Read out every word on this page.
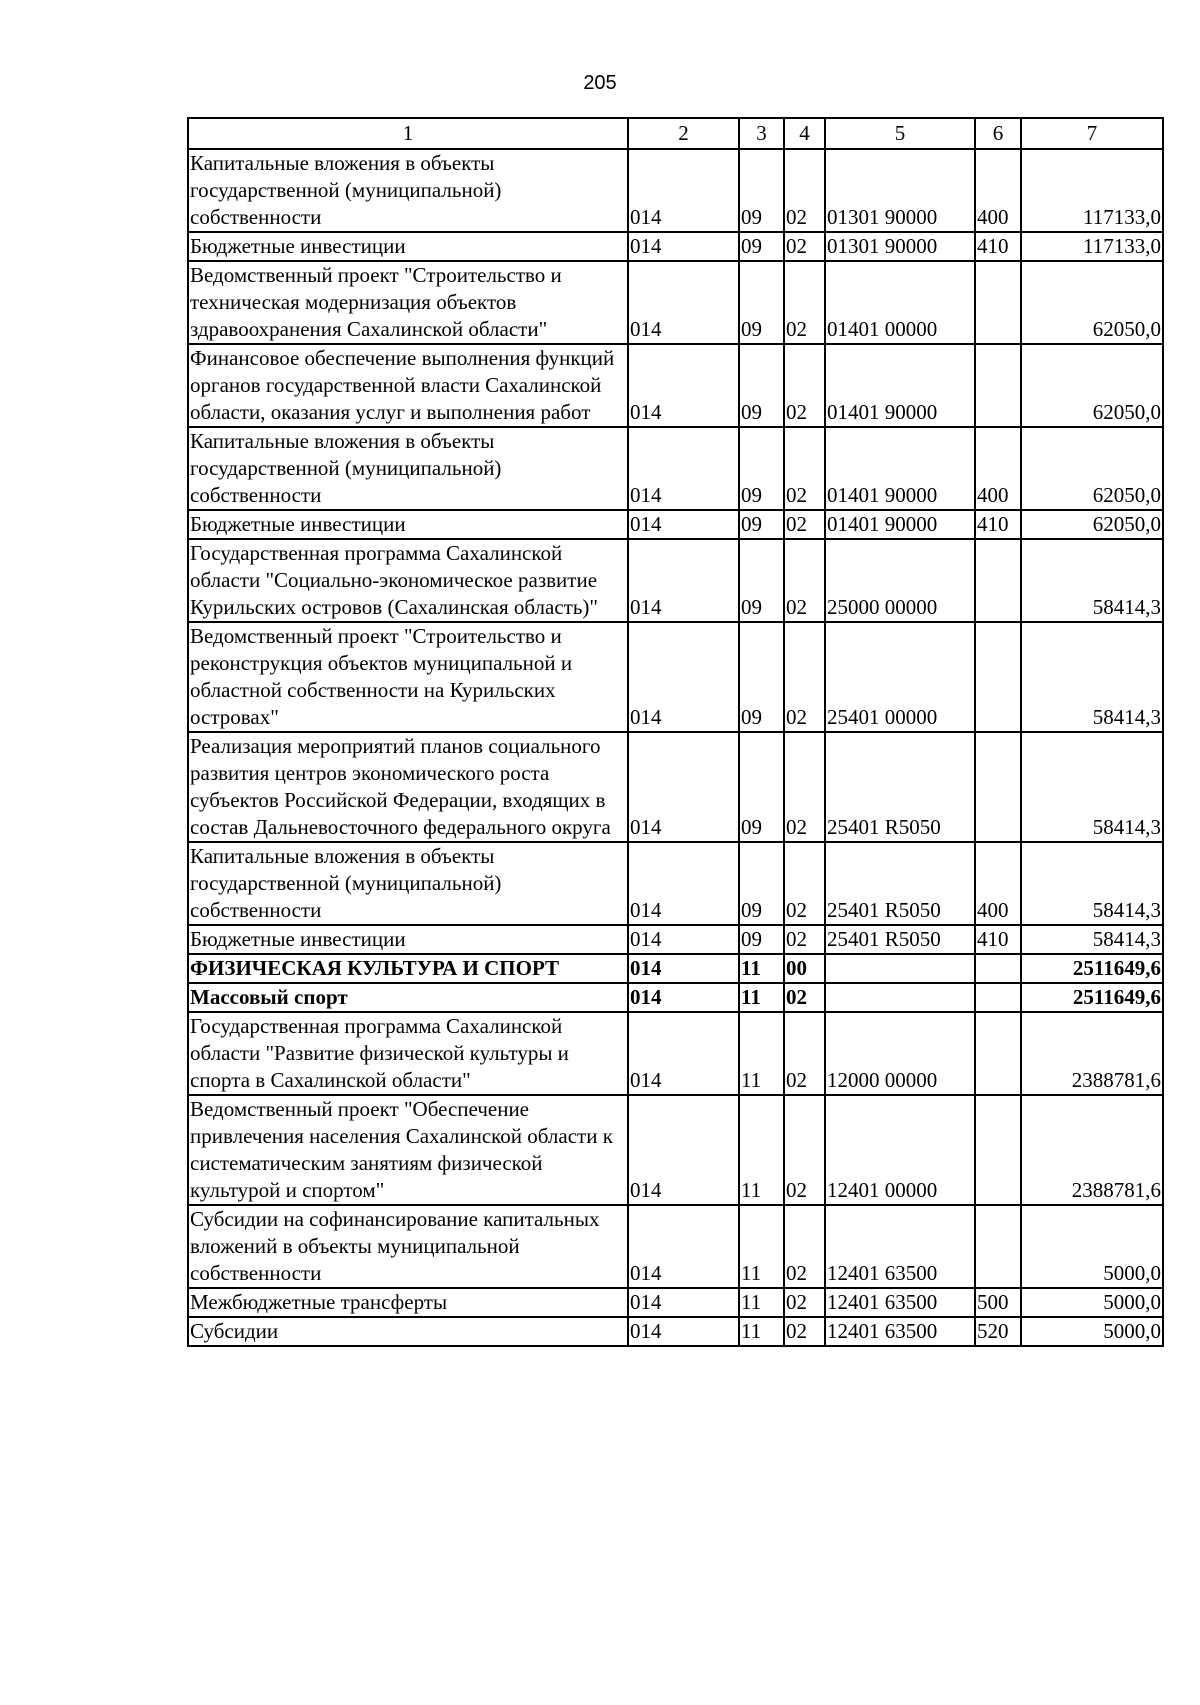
205
1	2	3	4	5	6	7
Капитальные вложения в объекты государственной (муниципальной) собственности	014	09	02	01301 90000	400	117133,0
Бюджетные инвестиции	014	09	02	01301 90000	410	117133,0
Ведомственный проект "Строительство и техническая модернизация объектов здравоохранения Сахалинской области"	014	09	02	01401 00000		62050,0
Финансовое обеспечение выполнения функций органов государственной власти Сахалинской области, оказания услуг и выполнения работ	014	09	02	01401 90000		62050,0
Капитальные вложения в объекты государственной (муниципальной) собственности	014	09	02	01401 90000	400	62050,0
Бюджетные инвестиции	014	09	02	01401 90000	410	62050,0
Государственная программа Сахалинской области "Социально-экономическое развитие Курильских островов (Сахалинская область)"	014	09	02	25000 00000		58414,3
Ведомственный проект "Строительство и реконструкция объектов муниципальной и областной собственности на Курильских островах"	014	09	02	25401 00000		58414,3
Реализация мероприятий планов социального развития центров экономического роста субъектов Российской Федерации, входящих в состав Дальневосточного федерального округа	014	09	02	25401 R5050		58414,3
Капитальные вложения в объекты государственной (муниципальной) собственности	014	09	02	25401 R5050	400	58414,3
Бюджетные инвестиции	014	09	02	25401 R5050	410	58414,3
ФИЗИЧЕСКАЯ КУЛЬТУРА И СПОРТ	014	11	00			2511649,6
Массовый спорт	014	11	02			2511649,6
Государственная программа Сахалинской области "Развитие физической культуры и спорта в Сахалинской области"	014	11	02	12000 00000		2388781,6
Ведомственный проект "Обеспечение привлечения населения Сахалинской области к систематическим занятиям физической культурой и спортом"	014	11	02	12401 00000		2388781,6
Субсидии на софинансирование капитальных вложений в объекты муниципальной собственности	014	11	02	12401 63500		5000,0
Межбюджетные трансферты	014	11	02	12401 63500	500	5000,0
Субсидии	014	11	02	12401 63500	520	5000,0
